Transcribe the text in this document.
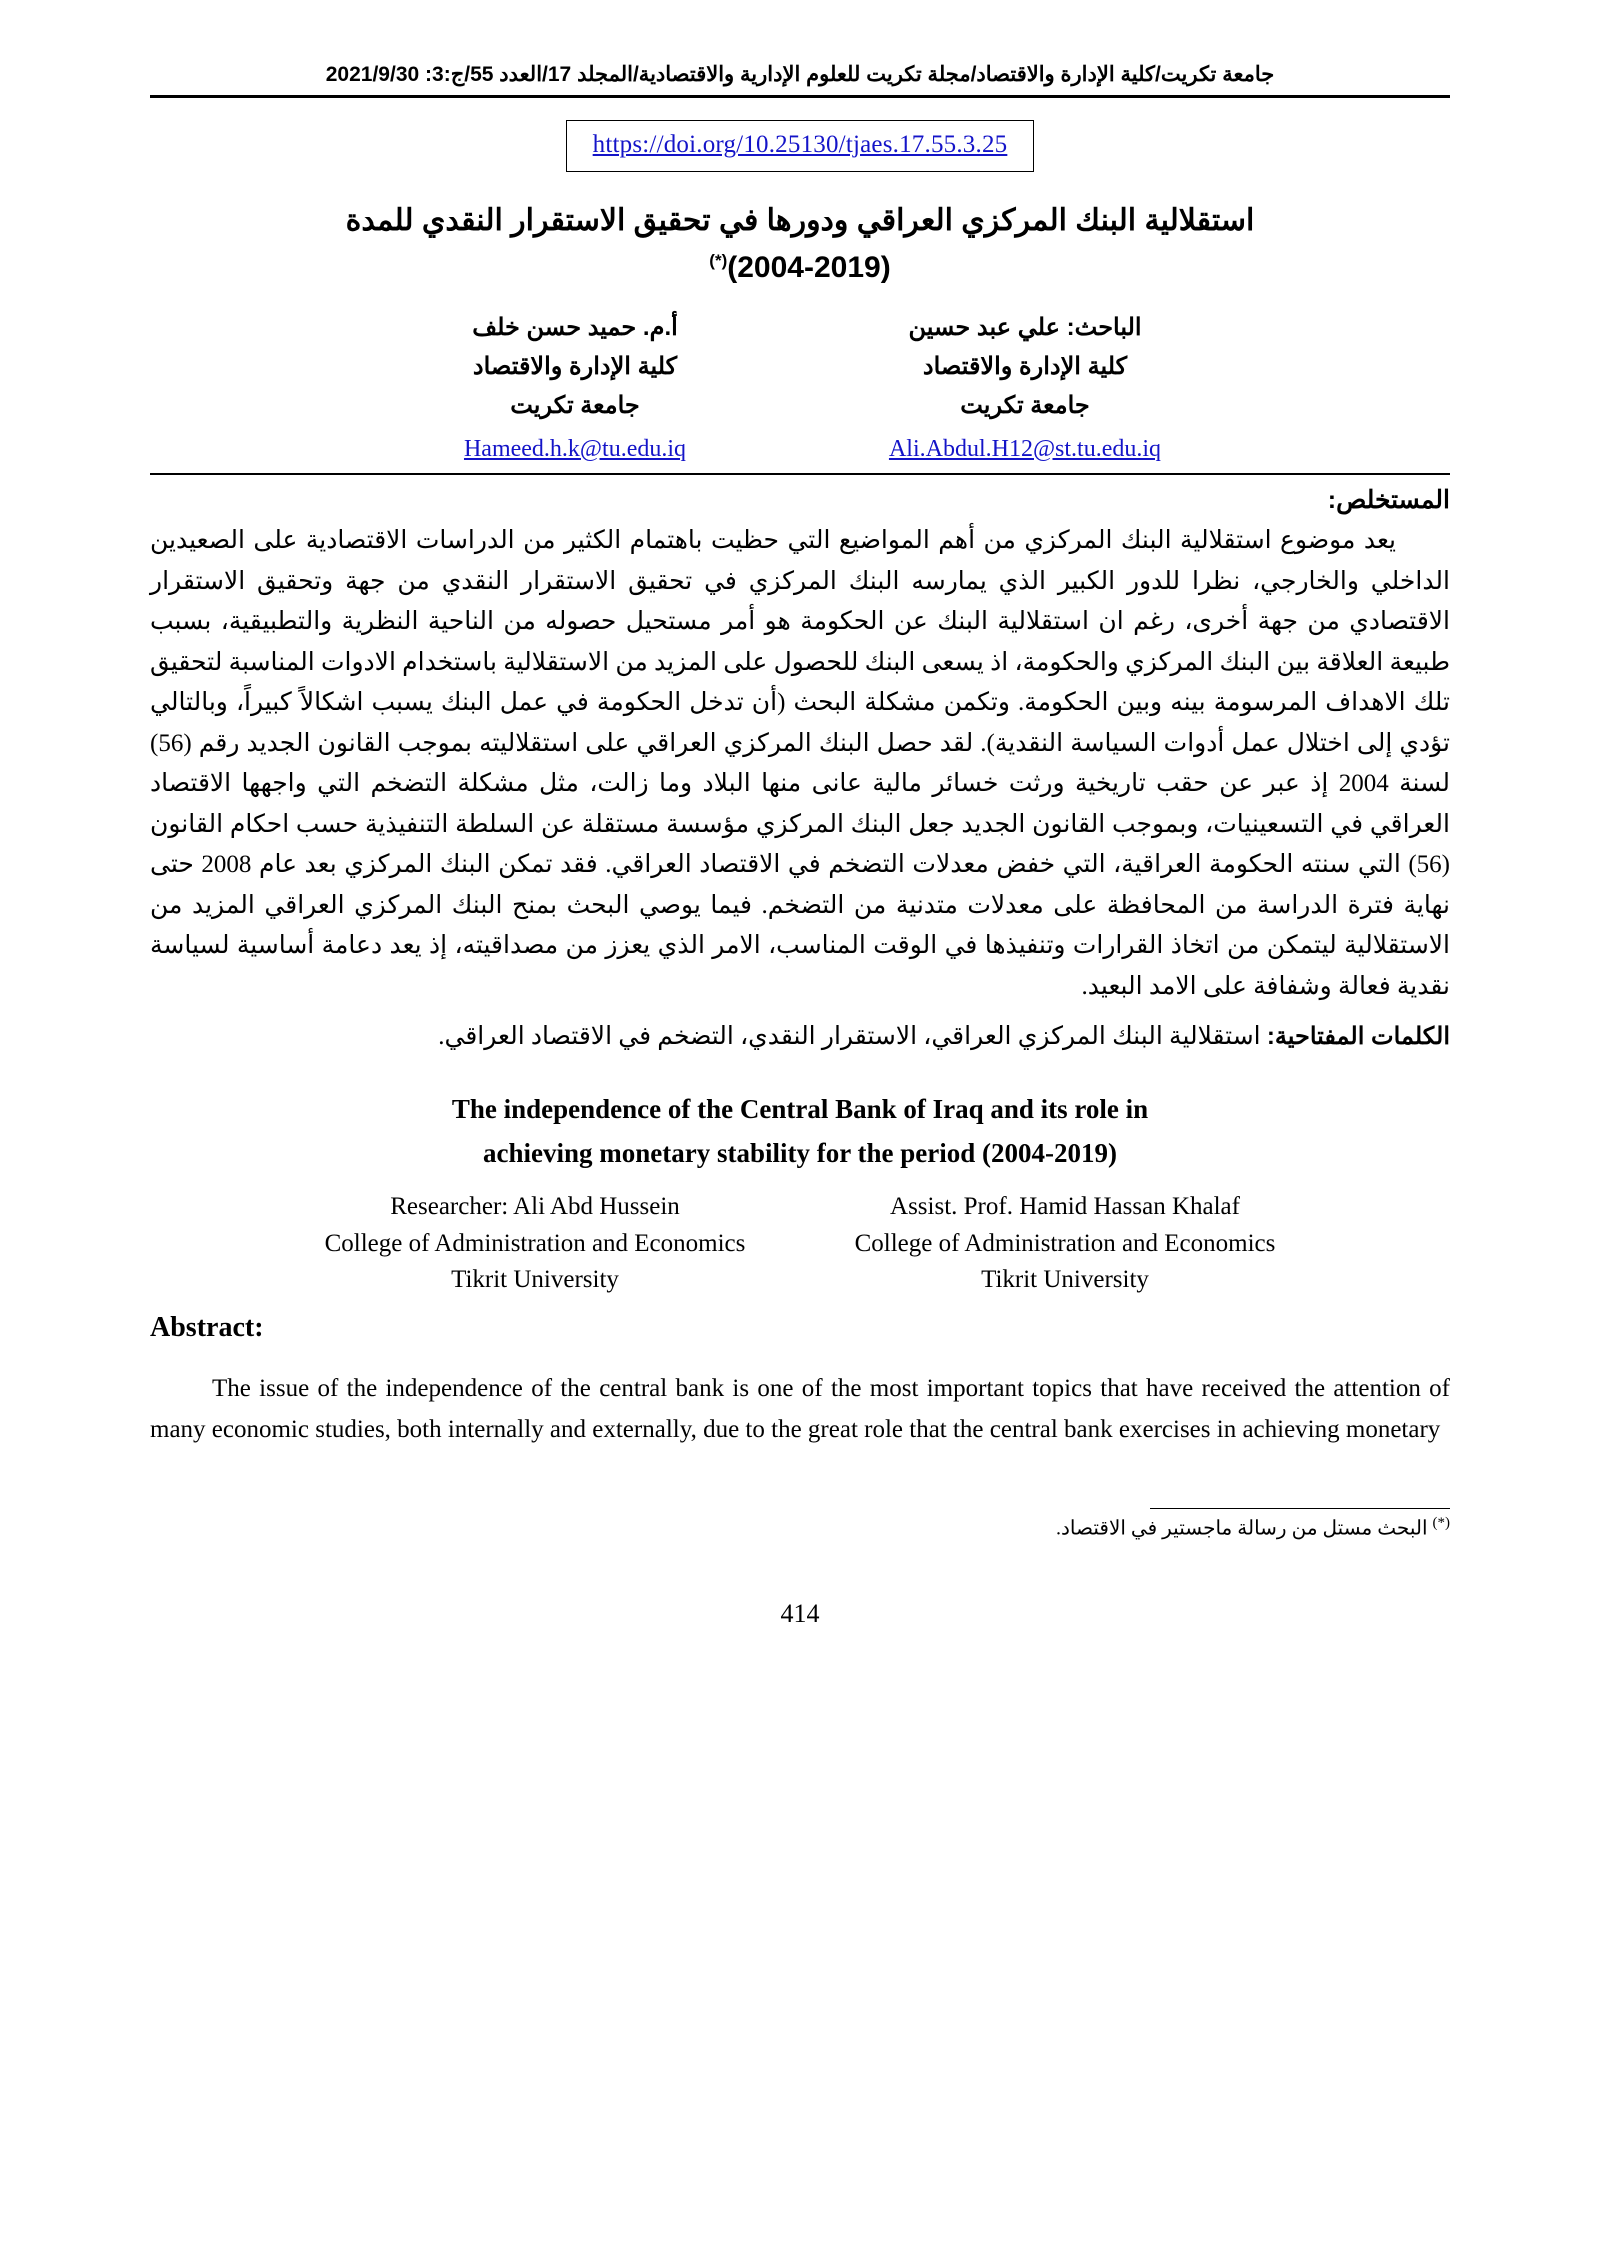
جامعة تكريت/كلية الإدارة والاقتصاد/مجلة تكريت للعلوم الإدارية والاقتصادية/المجلد 17/العدد 55/ج:3: 2021/9/30
https://doi.org/10.25130/tjaes.17.55.3.25
استقلالية البنك المركزي العراقي ودورها في تحقيق الاستقرار النقدي للمدة
(2004-2019)(*)
الباحث: علي عبد حسين
كلية الإدارة والاقتصاد
جامعة تكريت
Ali.Abdul.H12@st.tu.edu.iq
أ.م. حميد حسن خلف
كلية الإدارة والاقتصاد
جامعة تكريت
Hameed.h.k@tu.edu.iq
المستخلص:

يعد موضوع استقلالية البنك المركزي من أهم المواضيع التي حظيت باهتمام الكثير من الدراسات الاقتصادية على الصعيدين الداخلي والخارجي، نظرا للدور الكبير الذي يمارسه البنك المركزي في تحقيق الاستقرار النقدي من جهة وتحقيق الاستقرار الاقتصادي من جهة أخرى، رغم ان استقلالية البنك عن الحكومة هو أمر مستحيل حصوله من الناحية النظرية والتطبيقية، بسبب طبيعة العلاقة بين البنك المركزي والحكومة، اذ يسعى البنك للحصول على المزيد من الاستقلالية باستخدام الادوات المناسبة لتحقيق تلك الاهداف المرسومة بينه وبين الحكومة. وتكمن مشكلة البحث (أن تدخل الحكومة في عمل البنك يسبب اشكالاً كبيراً، وبالتالي تؤدي إلى اختلال عمل أدوات السياسة النقدية). لقد حصل البنك المركزي العراقي على استقلاليته بموجب القانون الجديد رقم (56) لسنة 2004 إذ عبر عن حقب تاريخية ورثت خسائر مالية عانى منها البلاد وما زالت، مثل مشكلة التضخم التي واجهها الاقتصاد العراقي في التسعينيات، وبموجب القانون الجديد جعل البنك المركزي مؤسسة مستقلة عن السلطة التنفيذية حسب احكام القانون (56) التي سنته الحكومة العراقية، التي خفض معدلات التضخم في الاقتصاد العراقي. فقد تمكن البنك المركزي بعد عام 2008 حتى نهاية فترة الدراسة من المحافظة على معدلات متدنية من التضخم. فيما يوصي البحث بمنح البنك المركزي العراقي المزيد من الاستقلالية ليتمكن من اتخاذ القرارات وتنفيذها في الوقت المناسب، الامر الذي يعزز من مصداقيته، إذ يعد دعامة أساسية لسياسة نقدية فعالة وشفافة على الامد البعيد.

الكلمات المفتاحية: استقلالية البنك المركزي العراقي، الاستقرار النقدي، التضخم في الاقتصاد العراقي.

The independence of the Central Bank of Iraq and its role in
achieving monetary stability for the period (2004-2019)
Researcher: Ali Abd Hussein
College of Administration and Economics
Tikrit University
Assist. Prof. Hamid Hassan Khalaf
College of Administration and Economics
Tikrit University
Abstract:

The issue of the independence of the central bank is one of the most important topics that have received the attention of many economic studies, both internally and externally, due to the great role that the central bank exercises in achieving monetary

(*) البحث مستل من رسالة ماجستير في الاقتصاد.
414
